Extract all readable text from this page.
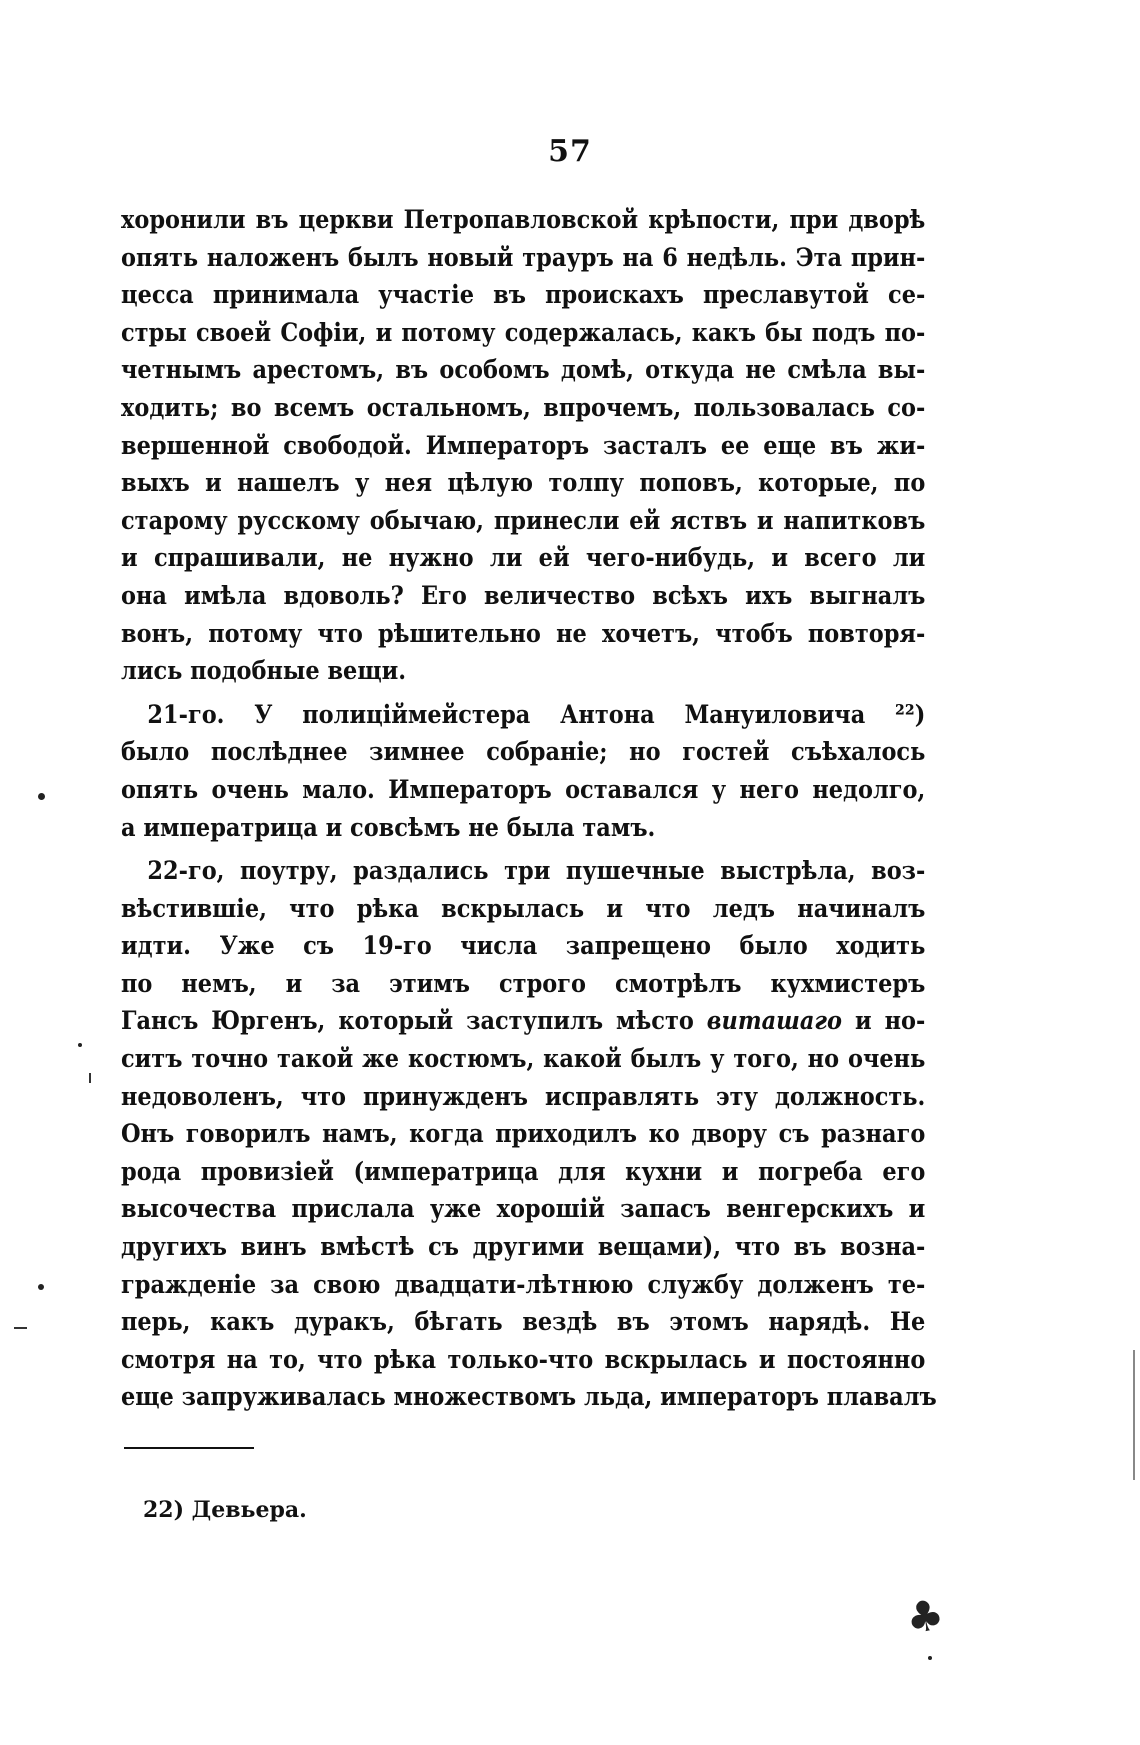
57
хоронили въ церкви Петропавловской крѣпости, при дворѣ
опять наложенъ былъ новый трауръ на 6 недѣль. Эта прин-
цесса принимала участіе въ проискахъ преславутой се-
стры своей Софіи, и потому содержалась, какъ бы подъ по-
четнымъ арестомъ, въ особомъ домѣ, откуда не смѣла вы-
ходить; во всемъ остальномъ, впрочемъ, пользовалась со-
вершенной свободой. Императоръ засталъ ее еще въ жи-
выхъ и нашелъ у нея цѣлую толпу поповъ, которые, по
старому русскому обычаю, принесли ей яствъ и напитковъ
и спрашивали, не нужно ли ей чего-нибудь, и всего ли
она имѣла вдоволь? Его величество всѣхъ ихъ выгналъ
вонъ, потому что рѣшительно не хочетъ, чтобъ повторя-
лись подобные вещи.
21-го. У полиціймейстера Антона Мануиловича ²²)
было послѣднее зимнее собраніе; но гостей съѣхалось
опять очень мало. Императоръ оставался у него недолго,
а императрица и совсѣмъ не была тамъ.
22-го, поутру, раздались три пушечные выстрѣла, воз-
вѣстившіе, что рѣка вскрылась и что ледъ начиналъ
идти. Уже съ 19-го числа запрещено было ходить
по немъ, и за этимъ строго смотрѣлъ кухмистеръ
Гансъ Юргенъ, который заступилъ мѣсто виташаго и но-
ситъ точно такой же костюмъ, какой былъ у того, но очень
недоволенъ, что принужденъ исправлять эту должность.
Онъ говорилъ намъ, когда приходилъ ко двору съ разнаго
рода провизіей (императрица для кухни и погреба его
высочества прислала уже хорошій запасъ венгерскихъ и
другихъ винъ вмѣстѣ съ другими вещами), что въ возна-
гражденіе за свою двадцати-лѣтнюю службу долженъ те-
перь, какъ дуракъ, бѣгать вездѣ въ этомъ нарядѣ. Не
смотря на то, что рѣка только-что вскрылась и постоянно
еще запруживалась множествомъ льда, императоръ плавалъ
22) Девьера.
♣
